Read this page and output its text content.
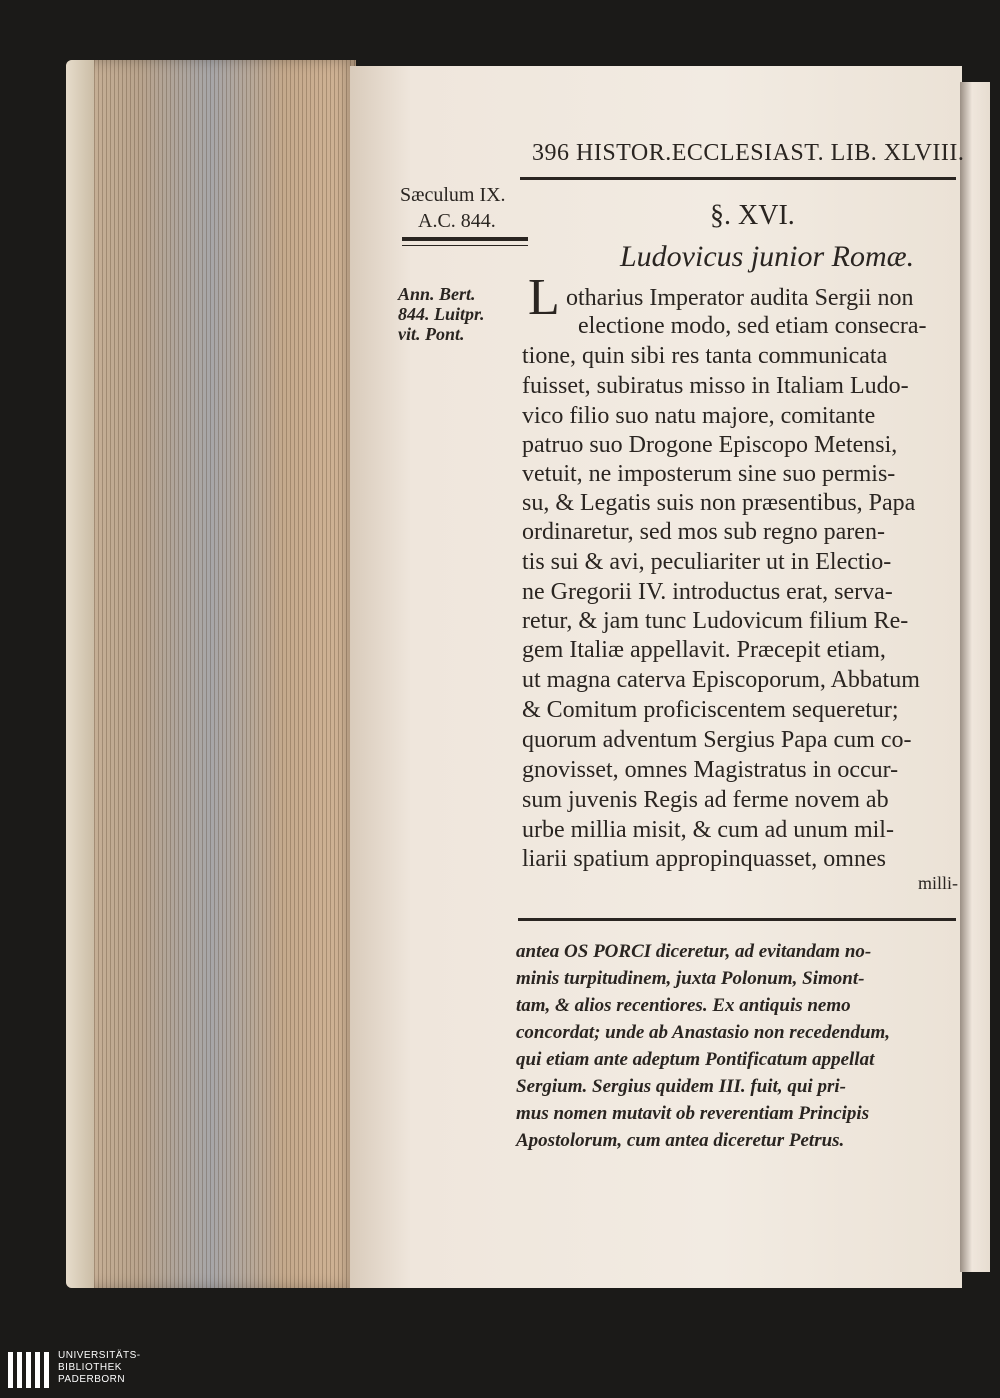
396 HISTOR.ECCLESIAST. LIB. XLVIII.
Sæculum IX.
A.C. 844.	§. XVI.
Ludovicus junior Romæ.
Ann. Bert.
844. Luitpr.
vit. Pont.
L otharius Imperator audita Sergii non
electione modo, sed etiam consecra-
tione, quin sibi res tanta communicata
fuisset, subiratus misso in Italiam Ludo-
vico filio suo natu majore, comitante
patruo suo Drogone Episcopo Metensi,
vetuit, ne imposterum sine suo permis-
su, & Legatis suis non præsentibus, Papa
ordinaretur, sed mos sub regno paren-
tis sui & avi, peculiariter ut in Electio-
ne Gregorii IV. introductus erat, serva-
retur, & jam tunc Ludovicum filium Re-
gem Italiæ appellavit. Præcepit etiam,
ut magna caterva Episcoporum, Abbatum
& Comitum proficiscentem sequeretur;
quorum adventum Sergius Papa cum co-
gnovisset, omnes Magistratus in occur-
sum juvenis Regis ad ferme novem ab
urbe millia misit, & cum ad unum mil-
liarii spatium appropinquasset, omnes
milli-
antea OS PORCI diceretur, ad evitandam no-
minis turpitudinem, juxta Polonum, Simont-
tam, & alios recentiores. Ex antiquis nemo
concordat; unde ab Anastasio non recedendum,
qui etiam ante adeptum Pontificatum appellat
Sergium. Sergius quidem III. fuit, qui pri-
mus nomen mutavit ob reverentiam Principis
Apostolorum, cum antea diceretur Petrus.
UNIVERSITÄTS-
BIBLIOTHEK
PADERBORN
